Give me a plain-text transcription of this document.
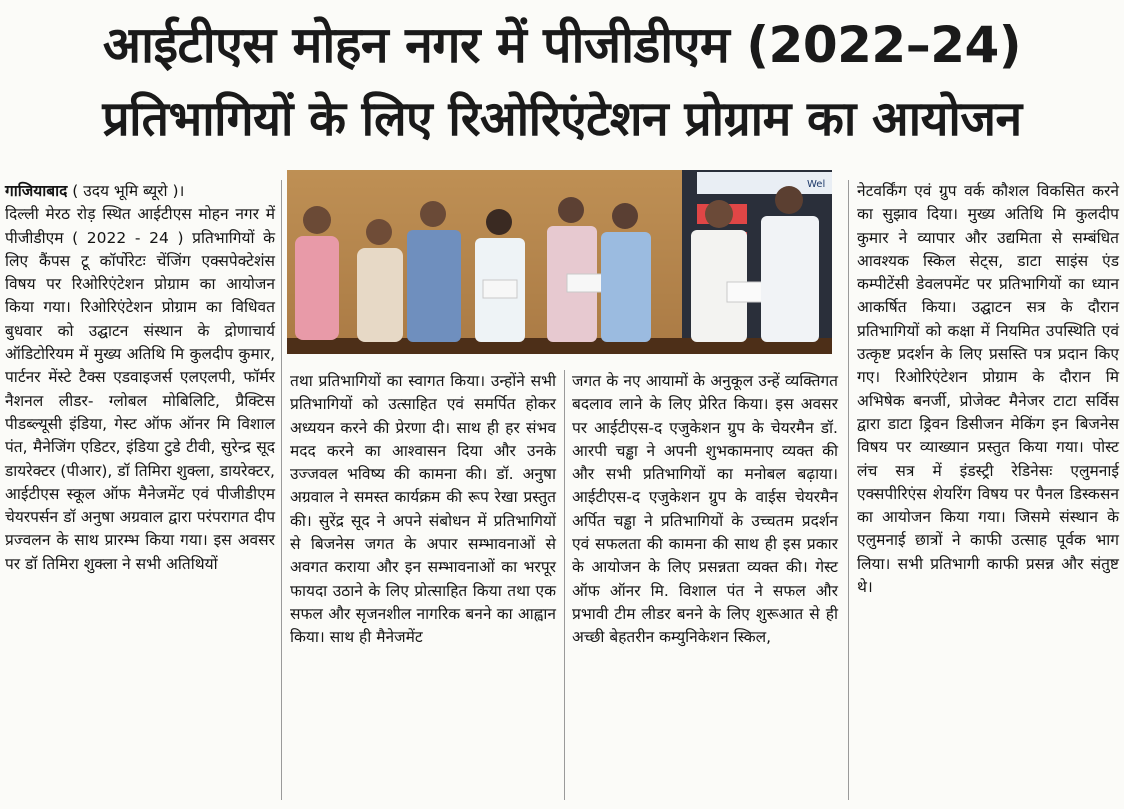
आईटीएस मोहन नगर में पीजीडीएम (2022–24)
प्रतिभागियों के लिए रिओरिएंटेशन प्रोग्राम का आयोजन

गाजियाबाद ( उदय भूमि ब्यूरो )।

दिल्ली मेरठ रोड़ स्थित आईटीएस मोहन नगर में पीजीडीएम ( 2022 - 24 ) प्रतिभागियों के लिए कैंपस टू कॉर्पोरेटः चेंजिंग एक्सपेक्टेशंस विषय पर रिओरिएंटेशन प्रोग्राम का आयोजन किया गया। रिओरिएंटेशन प्रोग्राम का विधिवत बुधवार को उद्घाटन संस्थान के द्रोणाचार्य ऑडिटोरियम में मुख्य अतिथि मि कुलदीप कुमार, पार्टनर मेंस्टे टैक्स एडवाइजर्स एलएलपी, फॉर्मर नैशनल लीडर- ग्लोबल मोबिलिटि, प्रैक्टिस पीडब्ल्यूसी इंडिया, गेस्ट ऑफ ऑनर मि विशाल पंत, मैनेजिंग एडिटर, इंडिया टुडे टीवी, सुरेन्द्र सूद डायरेक्टर (पीआर), डॉ तिमिरा शुक्ला, डायरेक्टर, आईटीएस स्कूल ऑफ मैनेजमेंट एवं पीजीडीएम चेयरपर्सन डॉ अनुषा अग्रवाल द्वारा परंपरागत दीप प्रज्वलन के साथ प्रारम्भ किया गया। इस अवसर पर डॉ तिमिरा शुक्ला ने सभी अतिथियों

Wel

तथा प्रतिभागियों का स्वागत किया। उन्होंने सभी प्रतिभागियों को उत्साहित एवं समर्पित होकर अध्ययन करने की प्रेरणा दी। साथ ही हर संभव मदद करने का आश्वासन दिया और उनके उज्जवल भविष्य की कामना की। डॉ. अनुषा अग्रवाल ने समस्त कार्यक्रम की रूप रेखा प्रस्तुत की। सुरेंद्र सूद ने अपने संबोधन में प्रतिभागियों से बिजनेस जगत के अपार सम्भावनाओं से अवगत कराया और इन सम्भावनाओं का भरपूर फायदा उठाने के लिए प्रोत्साहित किया तथा एक सफल और सृजनशील नागरिक बनने का आह्वान किया। साथ ही मैनेजमेंट

जगत के नए आयामों के अनुकूल उन्हें व्यक्तिगत बदलाव लाने के लिए प्रेरित किया। इस अवसर पर आईटीएस-द एजुकेशन ग्रुप के चेयरमैन डॉ. आरपी चड्ढा ने अपनी शुभकामनाए व्यक्त की और सभी प्रतिभागियों का मनोबल बढ़ाया। आईटीएस-द एजुकेशन ग्रुप के वाईस चेयरमैन अर्पित चड्ढा ने प्रतिभागियों के उच्चतम प्रदर्शन एवं सफलता की कामना की साथ ही इस प्रकार के आयोजन के लिए प्रसन्नता व्यक्त की। गेस्ट ऑफ ऑनर मि. विशाल पंत ने सफल और प्रभावी टीम लीडर बनने के लिए शुरूआत से ही अच्छी बेहतरीन कम्युनिकेशन स्किल,

नेटवर्किंग एवं ग्रुप वर्क कौशल विकसित करने का सुझाव दिया। मुख्य अतिथि मि कुलदीप कुमार ने व्यापार और उद्यमिता से सम्बंधित आवश्यक स्किल सेट्स, डाटा साइंस एंड कम्पीटेंसी डेवलपमेंट पर प्रतिभागियों का ध्यान आकर्षित किया। उद्घाटन सत्र के दौरान प्रतिभागियों को कक्षा में नियमित उपस्थिति एवं उत्कृष्ट प्रदर्शन के लिए प्रसस्ति पत्र प्रदान किए गए। रिओरिएंटेशन प्रोग्राम के दौरान मि अभिषेक बनर्जी, प्रोजेक्ट मैनेजर टाटा सर्विस द्वारा डाटा ड्रिवन डिसीजन मेकिंग इन बिजनेस विषय पर व्याख्यान प्रस्तुत किया गया। पोस्ट लंच सत्र में इंडस्ट्री रेडिनेसः एलुमनाई एक्सपीरिएंस शेयरिंग विषय पर पैनल डिस्कसन का आयोजन किया गया। जिसमे संस्थान के एलुमनाई छात्रों ने काफी उत्साह पूर्वक भाग लिया। सभी प्रतिभागी काफी प्रसन्न और संतुष्ट थे।
